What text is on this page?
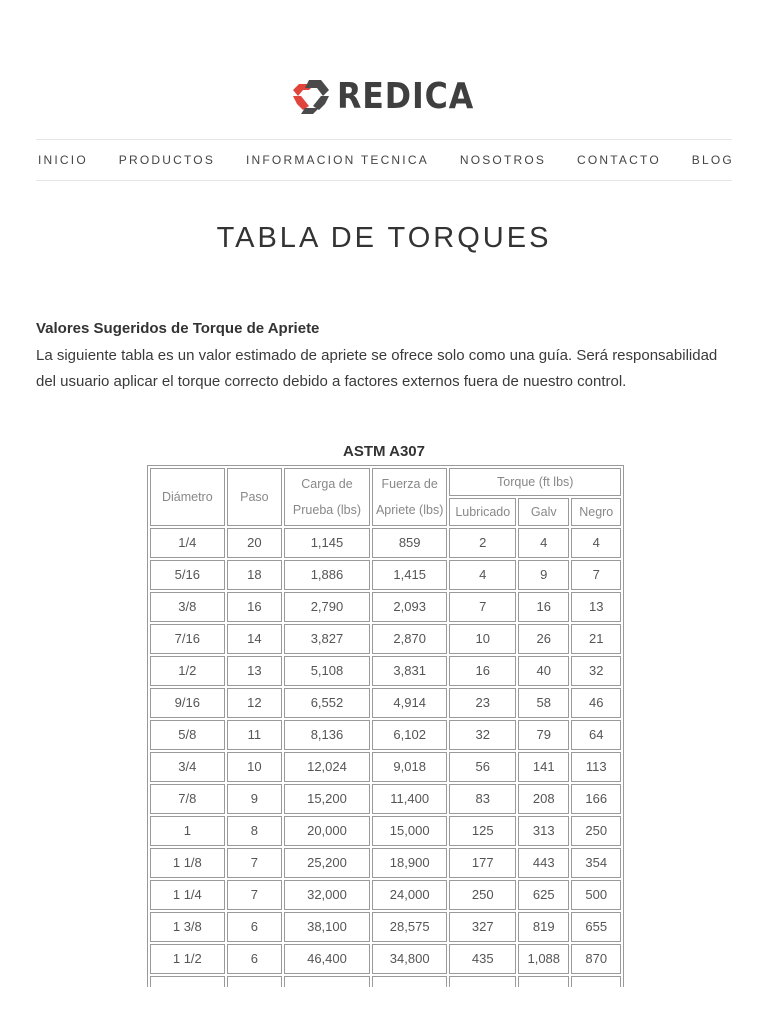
REDICA
INICIO	PRODUCTOS	INFORMACION TECNICA	NOSOTROS	CONTACTO	BLOG
TABLA DE TORQUES
Valores Sugeridos de Torque de Apriete
La siguiente tabla es un valor estimado de apriete se ofrece solo como una guía. Será responsabilidad del usuario aplicar el torque correcto debido a factores externos fuera de nuestro control.
ASTM A307
Diámetro	Paso	Carga de Prueba (lbs)	Fuerza de Apriete (lbs)	Torque (ft lbs)		
				Lubricado	Galv	Negro
1/4	20	1,145	859	2	4	4
5/16	18	1,886	1,415	4	9	7
3/8	16	2,790	2,093	7	16	13
7/16	14	3,827	2,870	10	26	21
1/2	13	5,108	3,831	16	40	32
9/16	12	6,552	4,914	23	58	46
5/8	11	8,136	6,102	32	79	64
3/4	10	12,024	9,018	56	141	113
7/8	9	15,200	11,400	83	208	166
1	8	20,000	15,000	125	313	250
1 1/8	7	25,200	18,900	177	443	354
1 1/4	7	32,000	24,000	250	625	500
1 3/8	6	38,100	28,575	327	819	655
1 1/2	6	46,400	34,800	435	1,088	870
